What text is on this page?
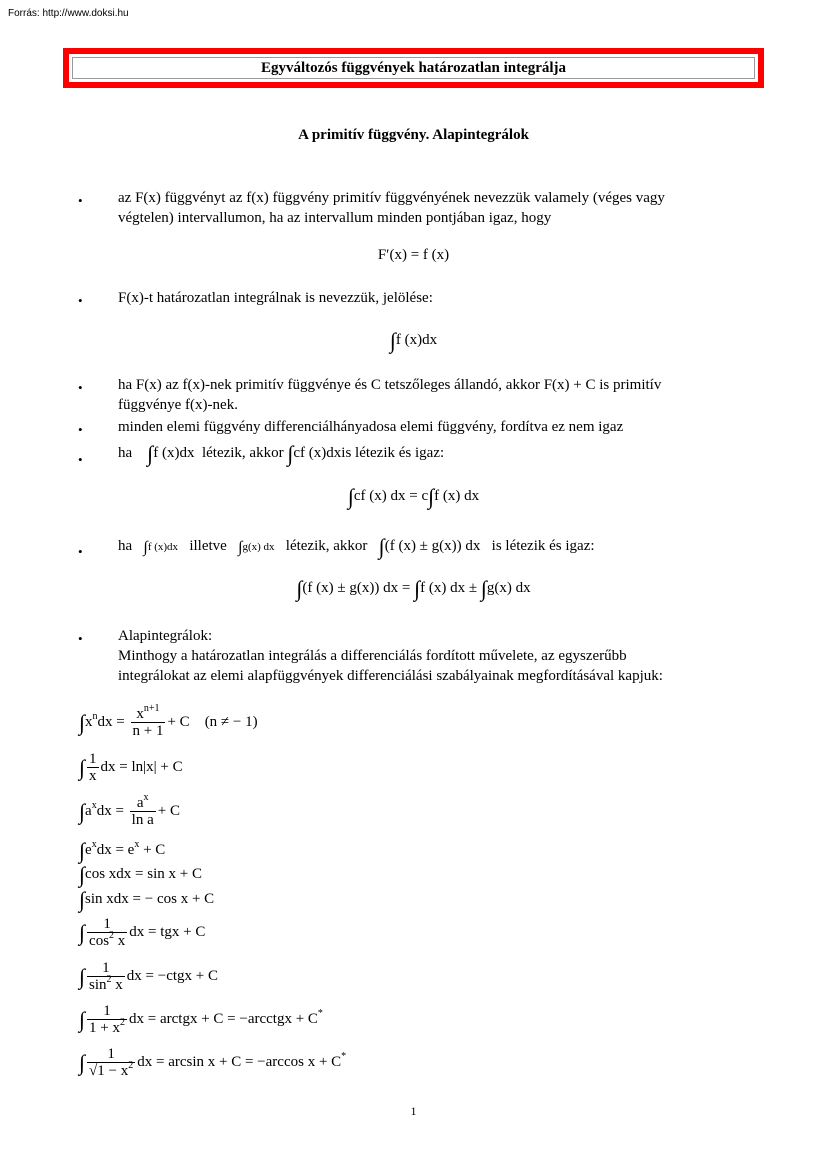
Forrás: http://www.doksi.hu
Egyváltozós függvények határozatlan integrálja
A primitív függvény. Alapintegrálok
• az F(x) függvényt az f(x) függvény primitív függvényének nevezzük valamely (véges vagy
végtelen) intervallumon, ha az intervallum minden pontjában igaz, hogy
F′(x) = f (x)
• F(x)-t határozatlan integrálnak is nevezzük, jelölése:
∫f (x)dx
• ha F(x) az f(x)-nek primitív függvénye és C tetszőleges állandó, akkor F(x) + C is primitív
függvénye f(x)-nek.
• minden elemi függvény differenciálhányadosa elemi függvény, fordítva ez nem igaz
• ha ∫f (x)dx létezik, akkor ∫cf (x)dxis létezik és igaz:
∫cf (x) dx = c∫f (x) dx
• ha ∫f (x)dx illetve ∫g(x) dx létezik, akkor ∫(f (x) ± g(x)) dx is létezik és igaz:
∫(f (x) ± g(x)) dx = ∫f (x) dx ± ∫g(x) dx
• Alapintegrálok:
Minthogy a határozatlan integrálás a differenciálás fordított művelete, az egyszerűbb
integrálokat az elemi alapfüggvények differenciálási szabályainak megfordításával kapjuk:
$\int x^ndx = \frac{x^{n+1}}{n + 1} + C$ (n ≠ − 1)
∫ $\frac{1}{x}$ dx = ln|x| + C
$\int a^xdx = \frac{a^x}{\text{ln a}} + C$
$\int e^xdx = e^x + C$
∫cos xdx = sin x + C
∫sin xdx = − cos x + C
∫ $\frac{1}{\cos^2 x}$ dx = tgx + C
∫ $\frac{1}{\sin^2 x}$ dx = −ctgx + C
∫ $\frac{1}{1 + x^2}$ dx = arctgx + C = −arcctgx + C*
∫ $\frac{1}{√1 - x^2}$ dx = arcsin x + C = −arccos x + C*
1
